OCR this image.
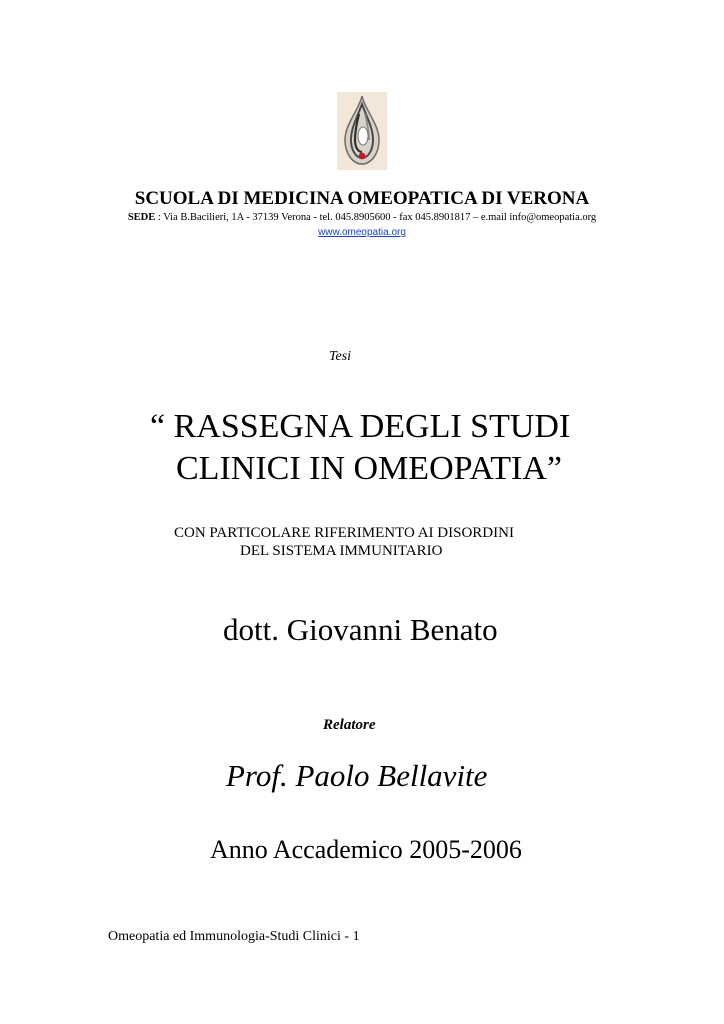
SCUOLA DI MEDICINA OMEOPATICA DI VERONA
SEDE : Via B.Bacilieri, 1A - 37139 Verona - tel. 045.8905600 - fax 045.8901817 – e.mail info@omeopatia.org
www.omeopatia.org
Tesi
“ RASSEGNA DEGLI STUDI
CLINICI IN OMEOPATIA”
CON PARTICOLARE RIFERIMENTO AI DISORDINI
DEL SISTEMA IMMUNITARIO
dott. Giovanni Benato
Relatore
Prof. Paolo Bellavite
Anno Accademico 2005-2006
Omeopatia ed Immunologia-Studi Clinici - 1
